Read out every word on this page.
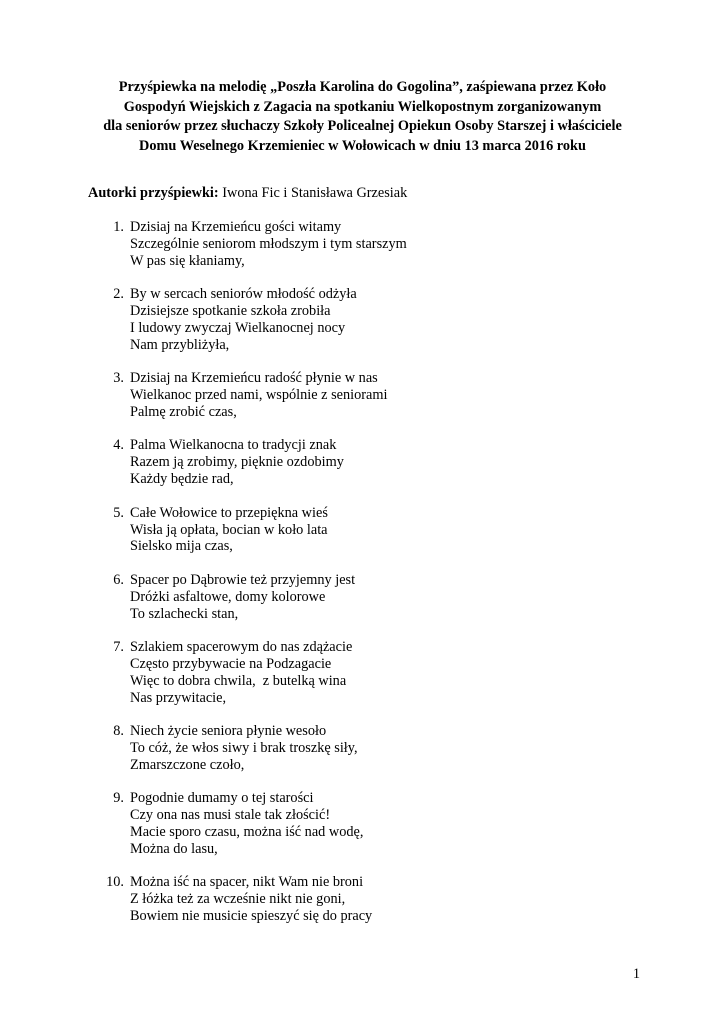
Przyśpiewka na melodię „Poszła Karolina do Gogolina”, zaśpiewana przez Koło
Gospodyń Wiejskich z Zagacia na spotkaniu Wielkopostnym zorganizowanym
dla seniorów przez słuchaczy Szkoły Policealnej Opiekun Osoby Starszej i właściciele
Domu Weselnego Krzemieniec w Wołowicach w dniu 13 marca 2016 roku
Autorki przyśpiewki: Iwona Fic i Stanisława Grzesiak
1. Dzisiaj na Krzemieńcu gości witamy
Szczególnie seniorom młodszym i tym starszym
W pas się kłaniamy,
2. By w sercach seniorów młodość odżyła
Dzisiejsze spotkanie szkoła zrobiła
I ludowy zwyczaj Wielkanocnej nocy
Nam przybliżyła,
3. Dzisiaj na Krzemieńcu radość płynie w nas
Wielkanoc przed nami, wspólnie z seniorami
Palmę zrobić czas,
4. Palma Wielkanocna to tradycji znak
Razem ją zrobimy, pięknie ozdobimy
Każdy będzie rad,
5. Całe Wołowice to przepiękna wieś
Wisła ją opłata, bocian w koło lata
Sielsko mija czas,
6. Spacer po Dąbrowie też przyjemny jest
Dróżki asfaltowe, domy kolorowe
To szlachecki stan,
7. Szlakiem spacerowym do nas zdążacie
Często przybywacie na Podzagacie
Więc to dobra chwila,  z butelką wina
Nas przywitacie,
8. Niech życie seniora płynie wesoło
To cóż, że włos siwy i brak troszkę siły,
Zmarszczone czoło,
9. Pogodnie dumamy o tej starości
Czy ona nas musi stale tak złościć!
Macie sporo czasu, można iść nad wodę,
Można do lasu,
10. Można iść na spacer, nikt Wam nie broni
Z łóżka też za wcześnie nikt nie goni,
Bowiem nie musicie spieszyć się do pracy
1
